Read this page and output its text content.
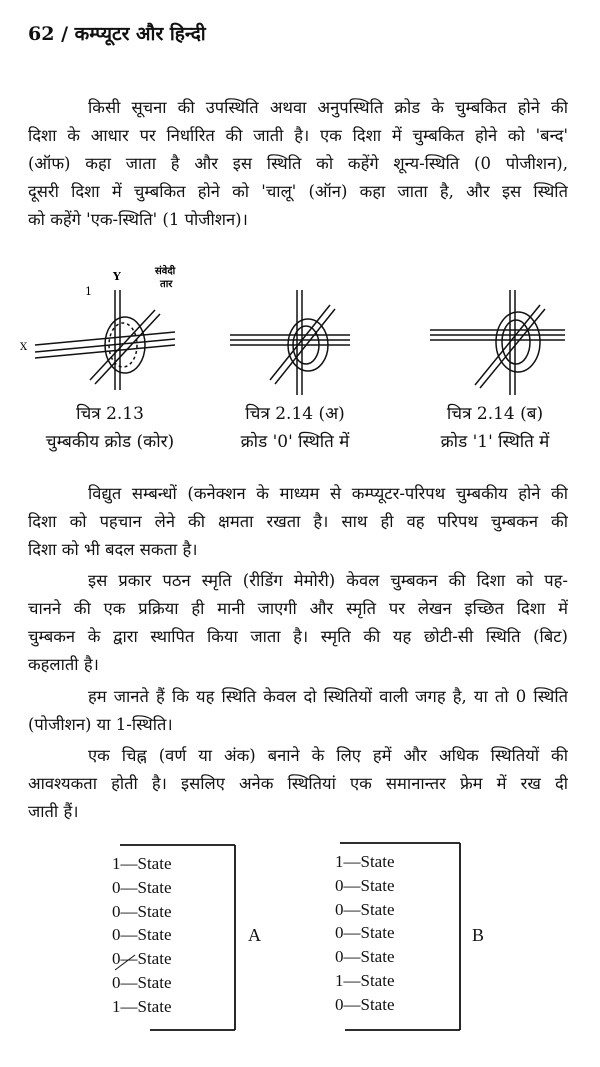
62 / कम्प्यूटर और हिन्दी
किसी सूचना की उपस्थिति अथवा अनुपस्थिति क्रोड के चुम्बकित होने की
दिशा के आधार पर निर्धारित की जाती है। एक दिशा में चुम्बकित होने को 'बन्द'
(ऑफ) कहा जाता है और इस स्थिति को कहेंगे शून्य-स्थिति (0 पोजीशन),
दूसरी दिशा में चुम्बकित होने को 'चालू' (ऑन) कहा जाता है, और इस स्थिति
को कहेंगे 'एक-स्थिति' (1 पोजीशन)।
Y
1
X
संवेदी
तार
चित्र 2.13
चुम्बकीय क्रोड (कोर)
चित्र 2.14 (अ)
क्रोड '0' स्थिति में
चित्र 2.14 (ब)
क्रोड '1' स्थिति में
विद्युत सम्बन्धों (कनेक्शन के माध्यम से कम्प्यूटर-परिपथ चुम्बकीय होने की
दिशा को पहचान लेने की क्षमता रखता है। साथ ही वह परिपथ चुम्बकन की
दिशा को भी बदल सकता है।
इस प्रकार पठन स्मृति (रीडिंग मेमोरी) केवल चुम्बकन की दिशा को पह-
चानने की एक प्रक्रिया ही मानी जाएगी और स्मृति पर लेखन इच्छित दिशा में
चुम्बकन के द्वारा स्थापित किया जाता है। स्मृति की यह छोटी-सी स्थिति (बिट)
कहलाती है।
हम जानते हैं कि यह स्थिति केवल दो स्थितियों वाली जगह है, या तो 0 स्थिति
(पोजीशन) या 1-स्थिति।
एक चिह्न (वर्ण या अंक) बनाने के लिए हमें और अधिक स्थितियों की
आवश्यकता होती है। इसलिए अनेक स्थितियां एक समानान्तर फ्रेम में रख दी
जाती हैं।
1—State
0—State
0—State
0—State
0—State
0—State
1—State
A
1—State
0—State
0—State
0—State
0—State
1—State
0—State
B
